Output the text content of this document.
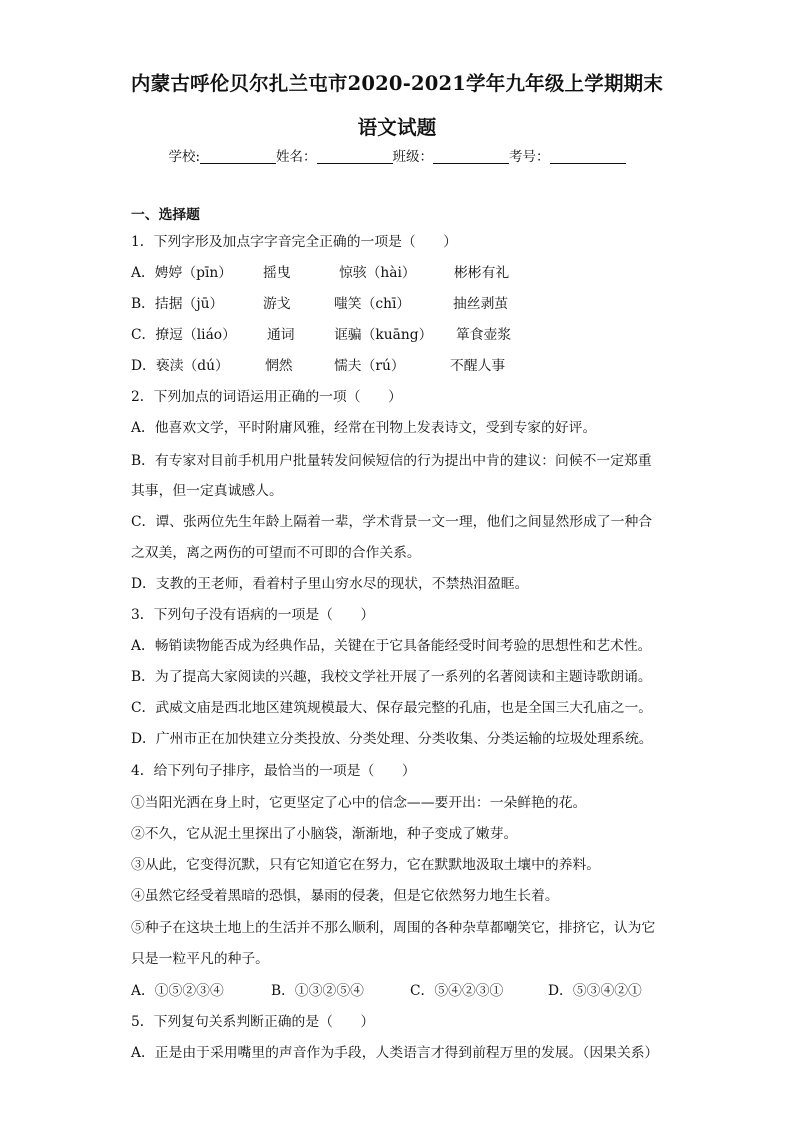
内蒙古呼伦贝尔扎兰屯市2020-2021学年九年级上学期期末
语文试题
学校:	姓名：	班级：	考号：
一、选择题
1．下列字形及加点字字音完全正确的一项是（　　）
A．娉婷（pīn） 摇曳	惊骇（hài）	彬彬有礼
B．拮据（jū）	游戈	嗤笑（chī）	抽丝剥茧
C．撩逗（liáo） 通词	诓骗（kuāng） 箪食壶浆
D．亵渎（dú）	惘然	懦夫（rú）	不醒人事
2．下列加点的词语运用正确的一项（　　）
A．他喜欢文学，平时附庸风雅，经常在刊物上发表诗文，受到专家的好评。
B．有专家对目前手机用户批量转发问候短信的行为提出中肯的建议：问候不一定郑重
其事，但一定真诚感人。
C．谭、张两位先生年龄上隔着一辈，学术背景一文一理，他们之间显然形成了一种合
之双美，离之两伤的可望而不可即的合作关系。
D．支教的王老师，看着村子里山穷水尽的现状，不禁热泪盈眶。
3．下列句子没有语病的一项是（　　）
A．畅销读物能否成为经典作品，关键在于它具备能经受时间考验的思想性和艺术性。
B．为了提高大家阅读的兴趣，我校文学社开展了一系列的名著阅读和主题诗歌朗诵。
C．武威文庙是西北地区建筑规模最大、保存最完整的孔庙，也是全国三大孔庙之一。
D．广州市正在加快建立分类投放、分类处理、分类收集、分类运输的垃圾处理系统。
4．给下列句子排序，最恰当的一项是（　　）
①当阳光洒在身上时，它更坚定了心中的信念——要开出：一朵鲜艳的花。
②不久，它从泥土里探出了小脑袋，渐渐地，种子变成了嫩芽。
③从此，它变得沉默，只有它知道它在努力，它在默默地汲取土壤中的养料。
④虽然它经受着黑暗的恐惧，暴雨的侵袭，但是它依然努力地生长着。
⑤种子在这块土地上的生活并不那么顺利，周围的各种杂草都嘲笑它，排挤它，认为它
只是一粒平凡的种子。
A．①⑤②③④	B．①③②⑤④	C．⑤④②③①	D．⑤③④②①
5．下列复句关系判断正确的是（　　）
A．正是由于采用嘴里的声音作为手段，人类语言才得到前程万里的发展。（因果关系）
